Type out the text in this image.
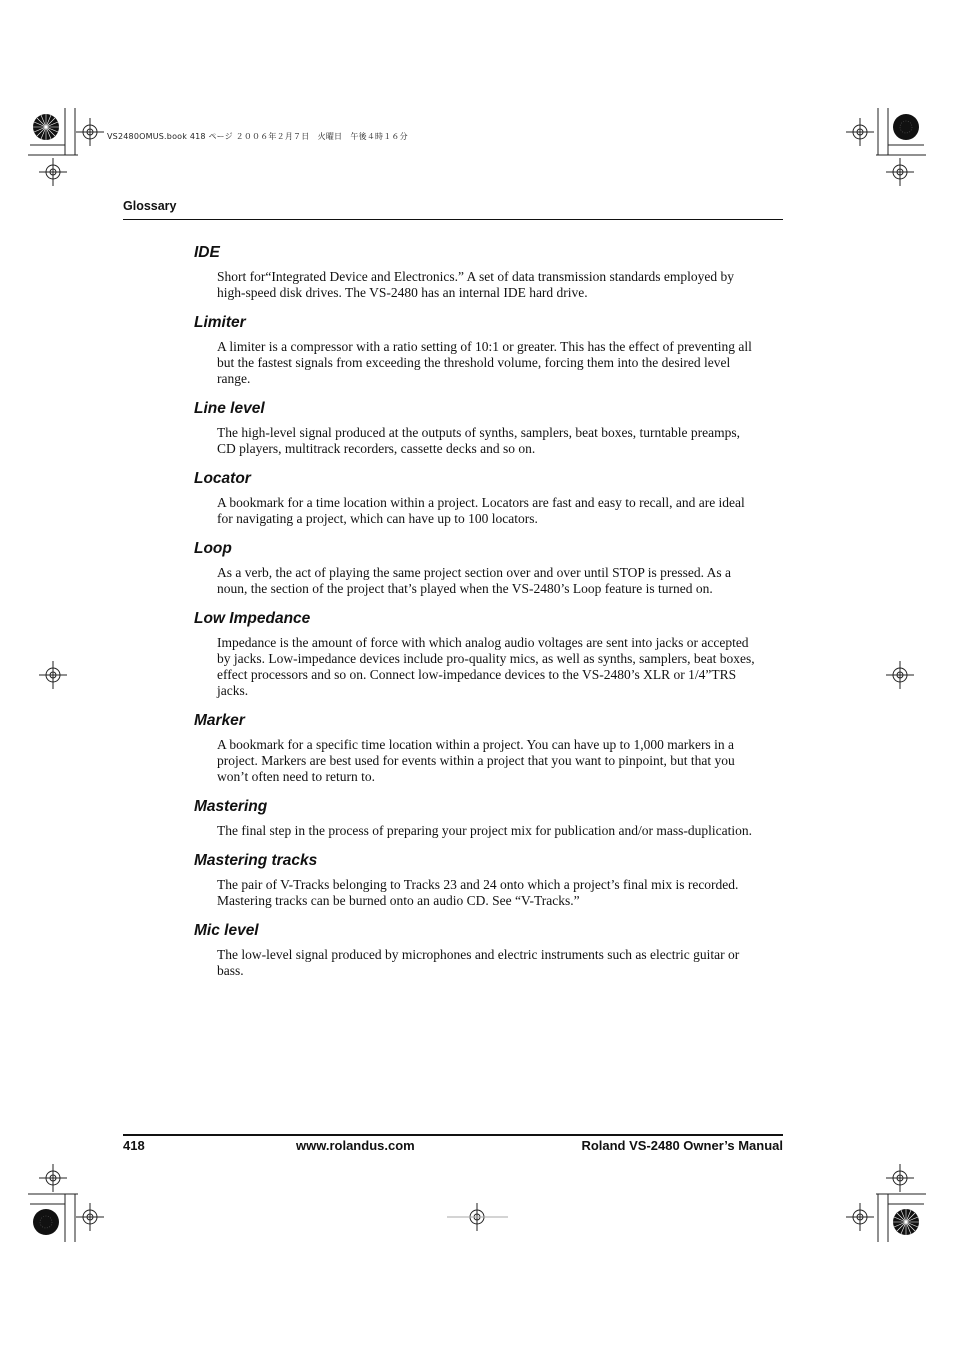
VS2480OMUS.book 418 ページ ２００６年２月７日　火曜日　午後４時１６分
Glossary
IDE

Short for“Integrated Device and Electronics.” A set of data transmission standards employed by high-speed disk drives. The VS-2480 has an internal IDE hard drive.

Limiter

A limiter is a compressor with a ratio setting of 10:1 or greater. This has the effect of preventing all but the fastest signals from exceeding the threshold volume, forcing them into the desired level range.

Line level

The high-level signal produced at the outputs of synths, samplers, beat boxes, turntable preamps, CD players, multitrack recorders, cassette decks and so on.

Locator

A bookmark for a time location within a project. Locators are fast and easy to recall, and are ideal for navigating a project, which can have up to 100 locators.

Loop

As a verb, the act of playing the same project section over and over until STOP is pressed. As a noun, the section of the project that’s played when the VS-2480’s Loop feature is turned on.

Low Impedance

Impedance is the amount of force with which analog audio voltages are sent into jacks or accepted by jacks. Low-impedance devices include pro-quality mics, as well as synths, samplers, beat boxes, effect processors and so on. Connect low-impedance devices to the VS-2480’s XLR or 1/4”TRS jacks.

Marker

A bookmark for a specific time location within a project. You can have up to 1,000 markers in a project. Markers are best used for events within a project that you want to pinpoint, but that you won’t often need to return to.

Mastering

The final step in the process of preparing your project mix for publication and/or mass-duplication.

Mastering tracks

The pair of V-Tracks belonging to Tracks 23 and 24 onto which a project’s final mix is recorded. Mastering tracks can be burned onto an audio CD. See “V-Tracks.”

Mic level

The low-level signal produced by microphones and electric instruments such as electric guitar or bass.

418	www.rolandus.com	Roland VS-2480 Owner’s Manual
